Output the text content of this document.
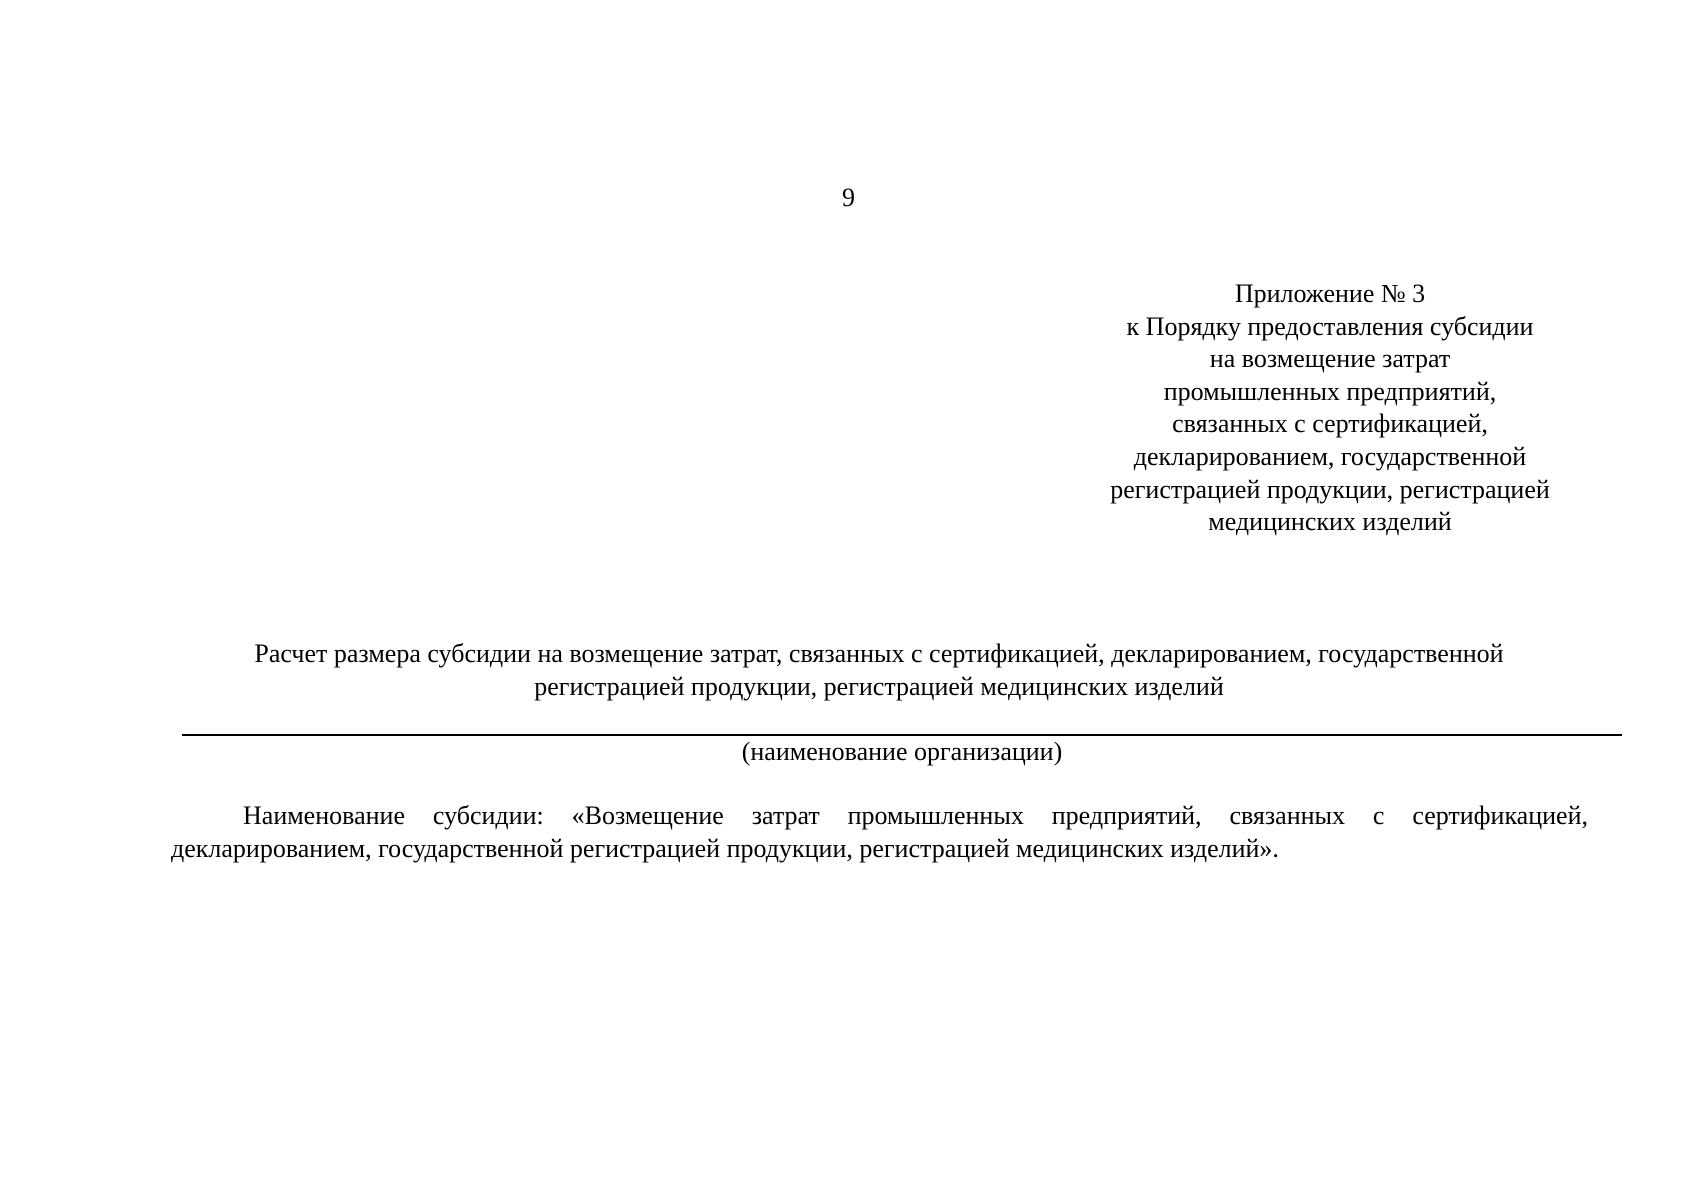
9
Приложение № 3
к Порядку предоставления субсидии
на возмещение затрат
промышленных предприятий,
связанных с сертификацией,
декларированием, государственной
регистрацией продукции, регистрацией
медицинских изделий
Расчет размера субсидии на возмещение затрат, связанных с сертификацией, декларированием, государственной
регистрацией продукции, регистрацией медицинских изделий
(наименование организации)
Наименование субсидии: «Возмещение затрат промышленных предприятий, связанных с сертификацией,
декларированием, государственной регистрацией продукции, регистрацией медицинских изделий».
